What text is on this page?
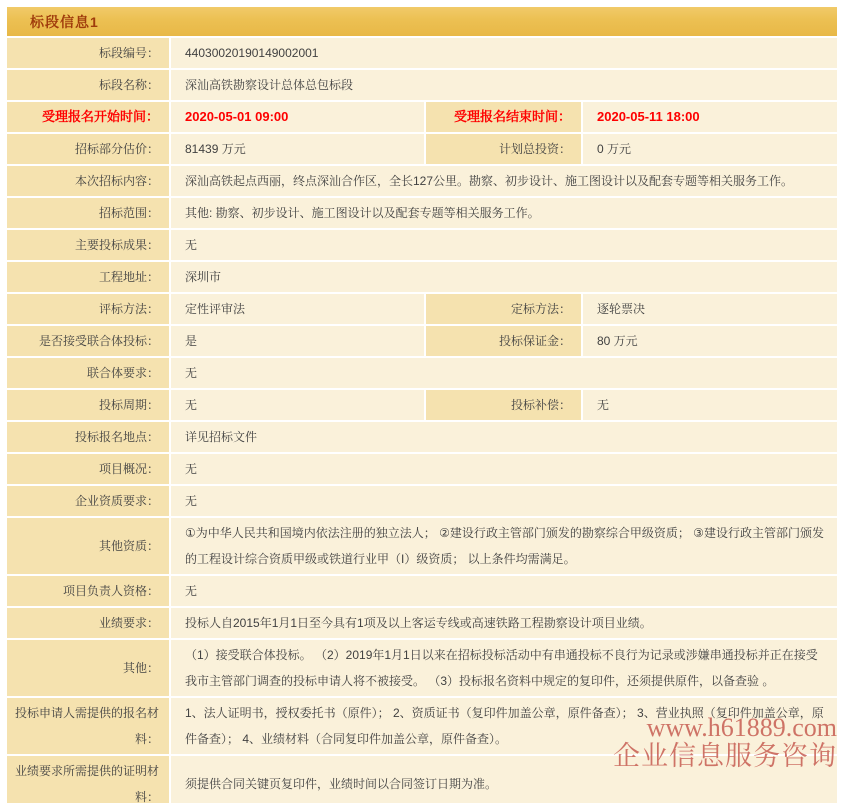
标段信息1
标段编号：	44030020190149002001
标段名称：	深汕高铁勘察设计总体总包标段
受理报名开始时间：	2020-05-01 09:00	受理报名结束时间：	2020-05-11 18:00
招标部分估价：	81439 万元	计划总投资：	0 万元
本次招标内容：	深汕高铁起点西丽，终点深汕合作区，全长127公里。勘察、初步设计、施工图设计以及配套专题等相关服务工作。
招标范围：	其他: 勘察、初步设计、施工图设计以及配套专题等相关服务工作。
主要投标成果：	无
工程地址：	深圳市
评标方法：	定性评审法	定标方法：	逐轮票决
是否接受联合体投标：	是	投标保证金：	80 万元
联合体要求：	无
投标周期：	无	投标补偿：	无
投标报名地点：	详见招标文件
项目概况：	无
企业资质要求：	无
其他资质：
①为中华人民共和国境内依法注册的独立法人； ②建设行政主管部门颁发的勘察综合甲级资质； ③建设行政主管部门颁发的工程设计综合资质甲级或铁道行业甲（I）级资质； 以上条件均需满足。
项目负责人资格：	无
业绩要求：	投标人自2015年1月1日至今具有1项及以上客运专线或高速铁路工程勘察设计项目业绩。
其他：
（1）接受联合体投标。 （2）2019年1月1日以来在招标投标活动中有串通投标不良行为记录或涉嫌串通投标并正在接受我市主管部门调查的投标申请人将不被接受。 （3）投标报名资料中规定的复印件，还须提供原件，以备查验 。
投标申请人需提供的报名材料：
1、法人证明书，授权委托书（原件）； 2、资质证书（复印件加盖公章，原件备查）； 3、营业执照（复印件加盖公章，原件备查）； 4、业绩材料（合同复印件加盖公章，原件备查）。
业绩要求所需提供的证明材料：
须提供合同关键页复印件，业绩时间以合同签订日期为准。
www.h61889.com
企业信息服务咨询
